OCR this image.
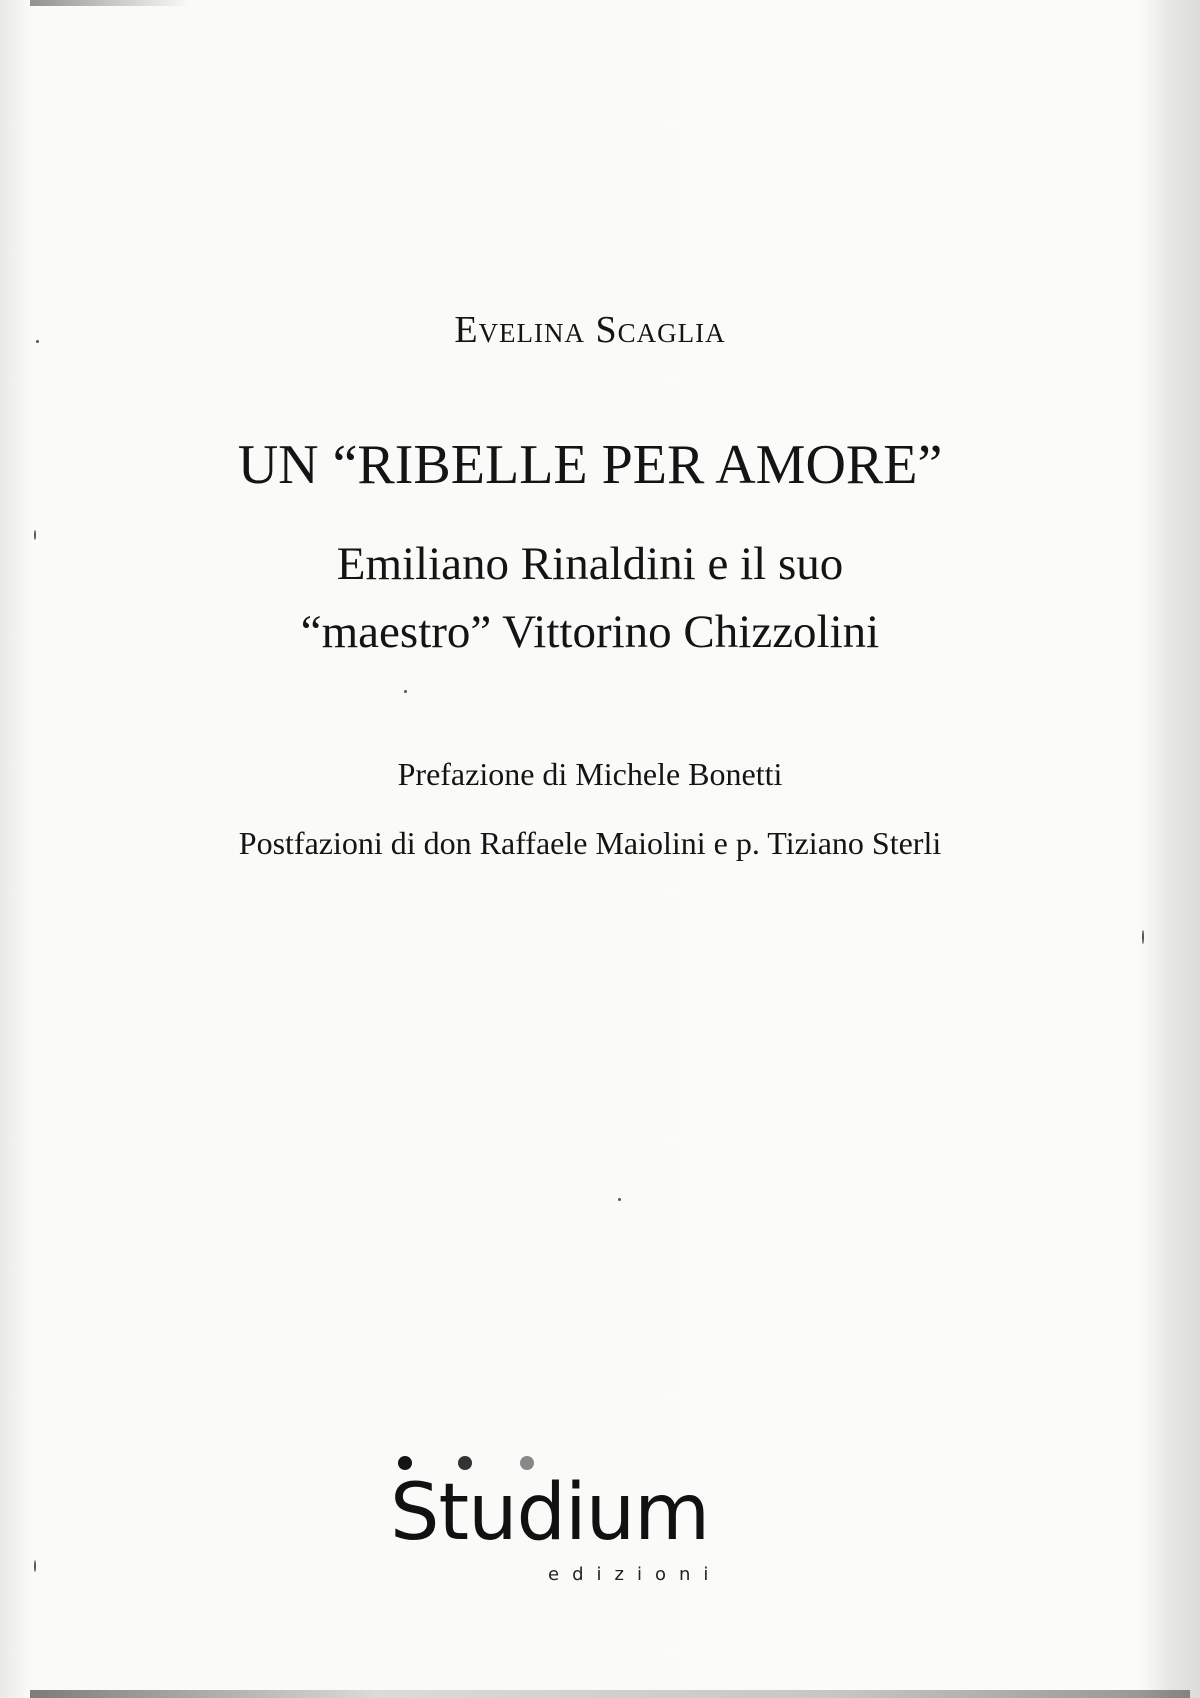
Evelina Scaglia
UN “RIBELLE PER AMORE”
Emiliano Rinaldini e il suo
“maestro” Vittorino Chizzolini
Prefazione di Michele Bonetti
Postfazioni di don Raffaele Maiolini e p. Tiziano Sterli
Studium
edizioni
